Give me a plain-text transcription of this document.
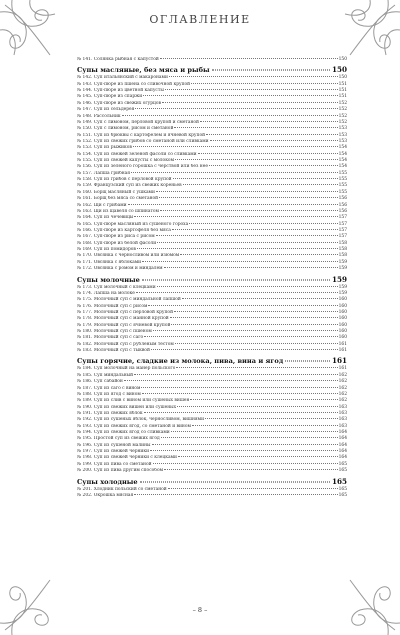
ОГЛАВЛЕНИЕ
№ 141. Солянка рыбная с капустой	150
Супы масляные, без мяса и рыбы	150
№ 142. Суп итальянский с макаронами	150
№ 143. Суп-пюре из пшена со сливочной крупой	151
№ 144. Суп-пюре из цветной капусты	151
№ 145. Суп-пюре из спаржи	151
№ 146. Суп-пюре из свежих огурцов	152
№ 147. Суп из сельдерея	152
№ 148. Рассольник	152
№ 149. Суп с лимоном, перловой крупой и сметаной	152
№ 150. Суп с лимоном, рисом и сметаной	153
№ 151. Суп из брюквы с картофелем и ячневой крупой	153
№ 152. Суп из свежих грибов со сметаной или сливками	153
№ 153. Суп из рыжиков	154
№ 154. Суп из свежей зеленой фасоли со сливками	154
№ 155. Суп из свежей капусты с молоком	154
№ 156. Суп из зеленого горошка с черствой или без нее	154
№ 157. Лапша грибная	155
№ 158. Суп из грибов с перловой крупой	155
№ 159. Французский суп из свежих кореньев	155
№ 160. Борщ масляный с ушками	155
№ 161. Борщ без мяса со сметаной	156
№ 162. Щи с грибами	156
№ 163. Щи из щавеля со шпинатом	156
№ 164. Суп из чечевицы	157
№ 165. Суп-пюре масляный из сушеного гороха	157
№ 166. Суп-пюре из картофеля без мяса	157
№ 167. Суп-пюре из риса с рисом	157
№ 168. Суп-пюре из белой фасоли	158
№ 169. Суп из помидоров	158
№ 170. Овсянка с черносливом или изюмом	158
№ 171. Овсянка с яблоками	159
№ 172. Овсянка с ромом и миндалем	159
Супы молочные	159
№ 173. Суп молочный с клецками	159
№ 174. Лапша на молоке	159
№ 175. Молочный суп с миндальной лапшой	160
№ 176. Молочный суп с рисом	160
№ 177. Молочный суп с перловой крупой	160
№ 178. Молочный суп с манной крупой	160
№ 179. Молочный суп с ячневой крупой	160
№ 180. Молочный суп с пшеном	160
№ 181. Молочный суп с саго	160
№ 182. Молочный суп с рубленым тестом	161
№ 183. Молочный суп с тыквой	161
Супы горячие, сладкие из молока, пива, вина и ягод	161
№ 184. Суп молочный на манер польского	161
№ 185. Суп миндальный	162
№ 186. Суп сабайон	162
№ 187. Суп из саго с вином	162
№ 188. Суп из ягод с вином	162
№ 189. Суп из слив с вином или сушеных вишен	162
№ 190. Суп из свежих вишен или сушеных	163
№ 191. Суп из свежих яблок	163
№ 192. Суп из сушеных яблок, черносливом, вишнями	163
№ 193. Суп из свежих ягод, со сметаной и вином	163
№ 194. Суп из свежих ягод со сливками	164
№ 195. Простой суп из свежих ягод	164
№ 196. Суп из сушеной малины	164
№ 197. Суп из свежей черники	164
№ 198. Суп из свежей черники с клецками	164
№ 199. Суп из пива со сметаной	165
№ 200. Суп из пива другим способом	165
Супы холодные	165
№ 201. Хлодник польский со сметаной	165
№ 202. Окрошка мясная	165
– 8 –
